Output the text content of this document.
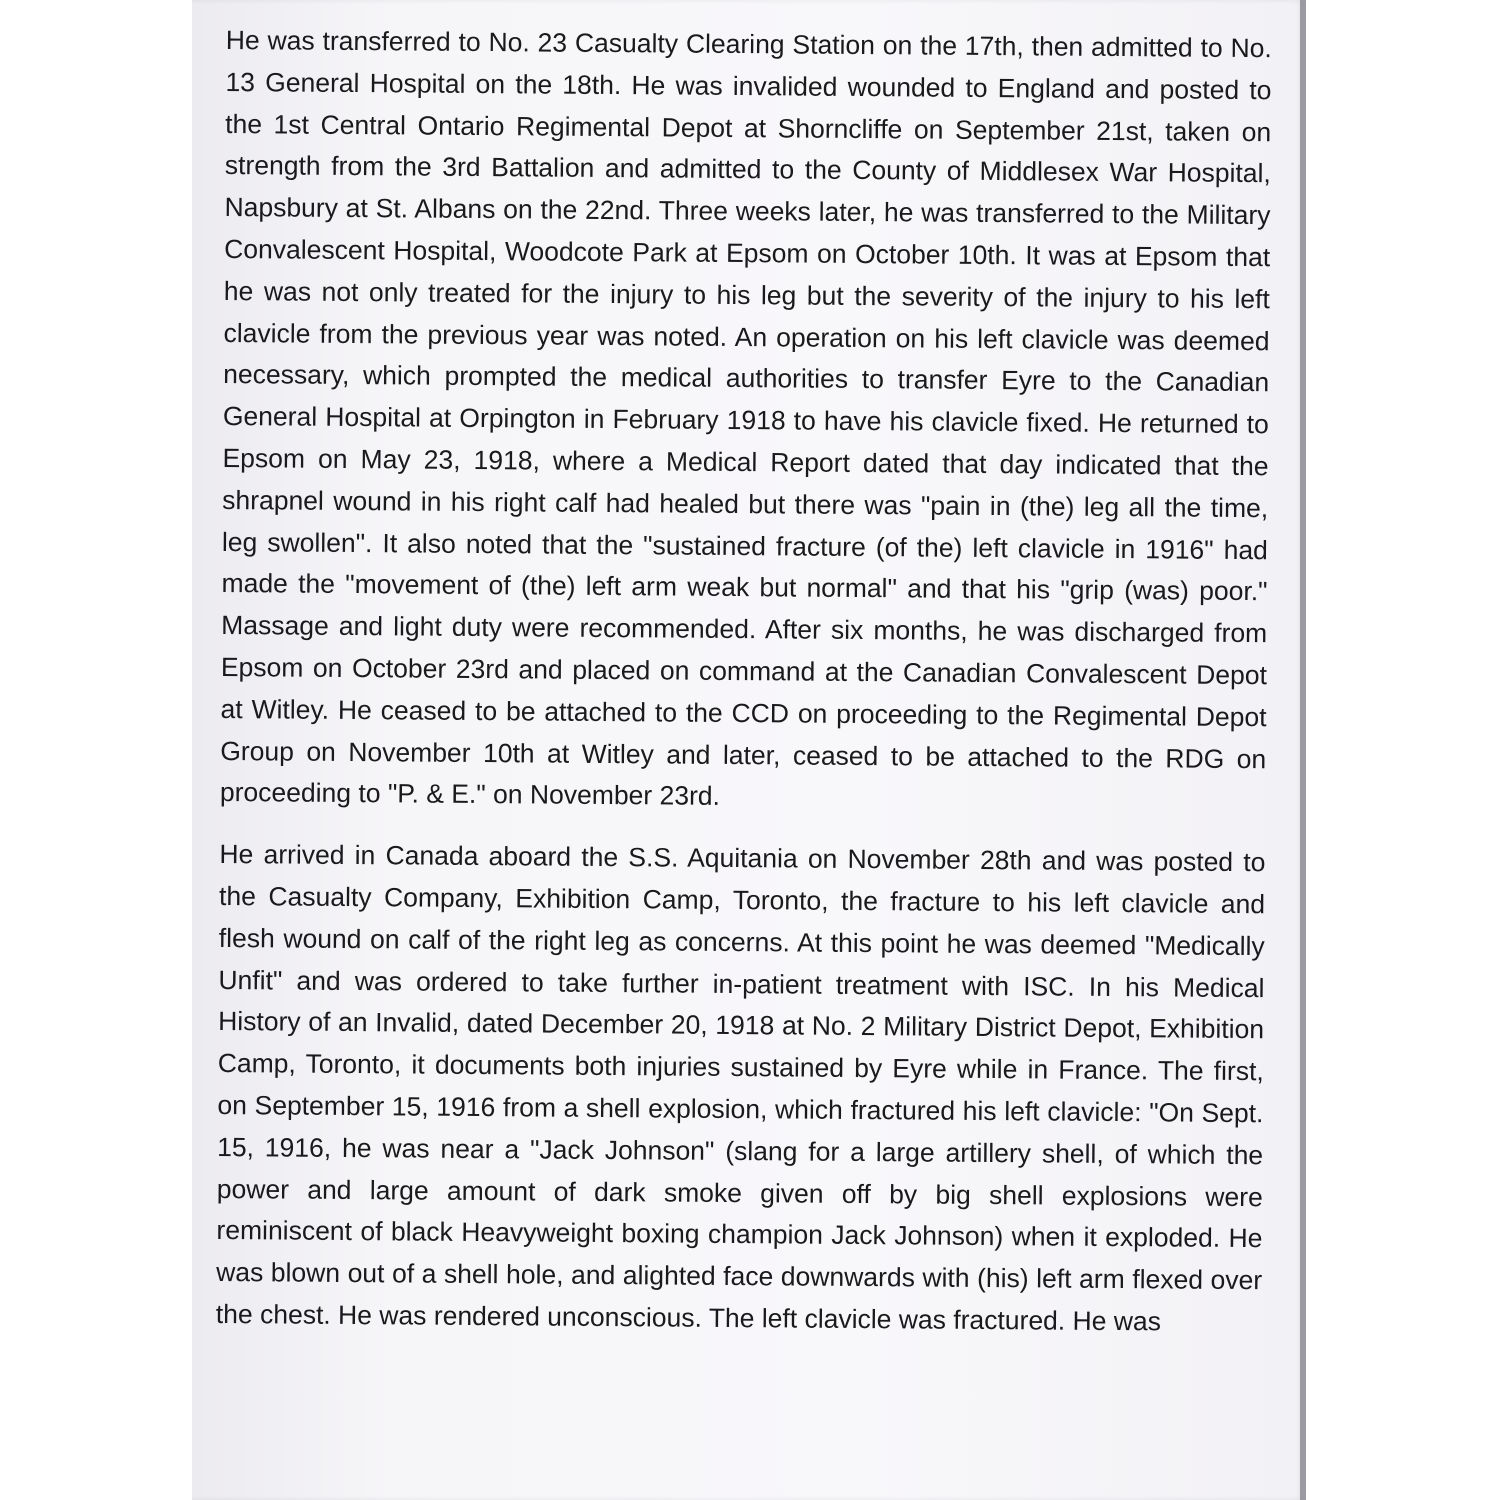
He was transferred to No. 23 Casualty Clearing Station on the 17th, then admitted to No. 13 General Hospital on the 18th. He was invalided wounded to England and posted to the 1st Central Ontario Regimental Depot at Shorncliffe on September 21st, taken on strength from the 3rd Battalion and admitted to the County of Middlesex War Hospital, Napsbury at St. Albans on the 22nd. Three weeks later, he was transferred to the Military Convalescent Hospital, Woodcote Park at Epsom on October 10th. It was at Epsom that he was not only treated for the injury to his leg but the severity of the injury to his left clavicle from the previous year was noted. An operation on his left clavicle was deemed necessary, which prompted the medical authorities to transfer Eyre to the Canadian General Hospital at Orpington in February 1918 to have his clavicle fixed. He returned to Epsom on May 23, 1918, where a Medical Report dated that day indicated that the shrapnel wound in his right calf had healed but there was "pain in (the) leg all the time, leg swollen". It also noted that the "sustained fracture (of the) left clavicle in 1916" had made the "movement of (the) left arm weak but normal" and that his "grip (was) poor." Massage and light duty were recommended. After six months, he was discharged from Epsom on October 23rd and placed on command at the Canadian Convalescent Depot at Witley. He ceased to be attached to the CCD on proceeding to the Regimental Depot Group on November 10th at Witley and later, ceased to be attached to the RDG on proceeding to "P. & E." on November 23rd.

He arrived in Canada aboard the S.S. Aquitania on November 28th and was posted to the Casualty Company, Exhibition Camp, Toronto, the fracture to his left clavicle and flesh wound on calf of the right leg as concerns. At this point he was deemed "Medically Unfit" and was ordered to take further in-patient treatment with ISC. In his Medical History of an Invalid, dated December 20, 1918 at No. 2 Military District Depot, Exhibition Camp, Toronto, it documents both injuries sustained by Eyre while in France. The first, on September 15, 1916 from a shell explosion, which fractured his left clavicle: "On Sept. 15, 1916, he was near a "Jack Johnson" (slang for a large artillery shell, of which the power and large amount of dark smoke given off by big shell explosions were reminiscent of black Heavyweight boxing champion Jack Johnson) when it exploded. He was blown out of a shell hole, and alighted face downwards with (his) left arm flexed over the chest. He was rendered unconscious. The left clavicle was fractured. He was
